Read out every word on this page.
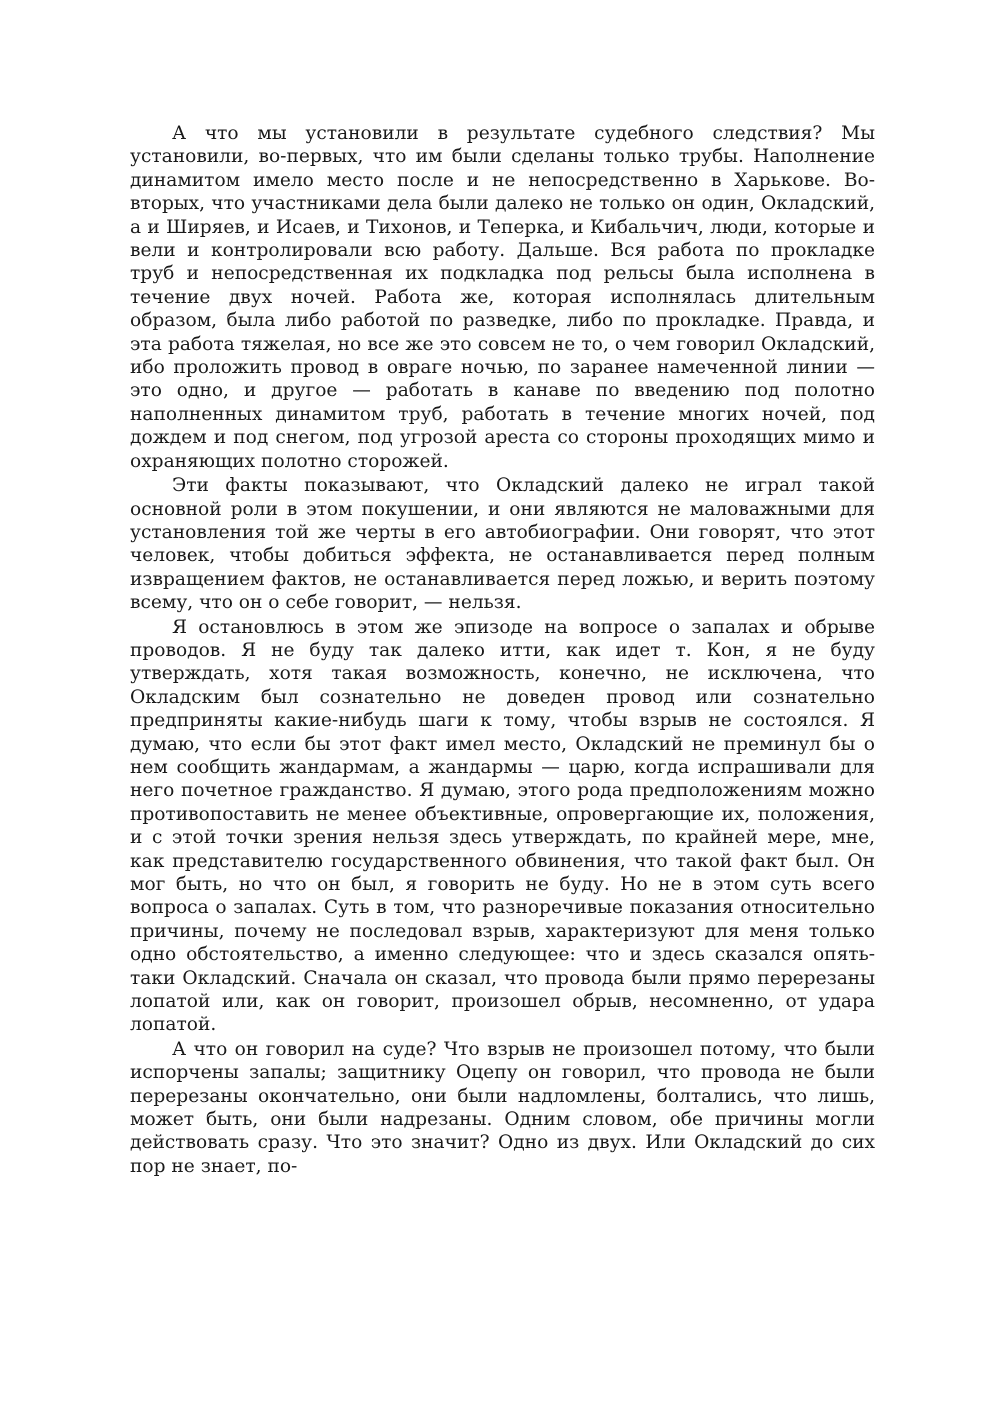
А что мы установили в результате судебного следствия? Мы установили, во-первых, что им были сделаны только трубы. Наполнение динамитом имело место после и не непосредственно в Харькове. Во-вторых, что участниками дела были далеко не только он один, Окладский, а и Ширяев, и Исаев, и Тихонов, и Теперка, и Кибальчич, люди, которые и вели и контролировали всю работу. Дальше. Вся работа по прокладке труб и непосредственная их подкладка под рельсы была исполнена в течение двух ночей. Работа же, которая исполнялась длительным образом, была либо работой по разведке, либо по прокладке. Правда, и эта работа тяжелая, но все же это совсем не то, о чем говорил Окладский, ибо проложить провод в овраге ночью, по заранее намеченной линии — это одно, и другое — работать в канаве по введению под полотно наполненных динамитом труб, работать в течение многих ночей, под дождем и под снегом, под угрозой ареста со стороны проходящих мимо и охраняющих полотно сторожей.

Эти факты показывают, что Окладский далеко не играл такой основной роли в этом покушении, и они являются не маловажными для установления той же черты в его автобиографии. Они говорят, что этот человек, чтобы добиться эффекта, не останавливается перед полным извращением фактов, не останавливается перед ложью, и верить поэтому всему, что он о себе говорит, — нельзя.

Я остановлюсь в этом же эпизоде на вопросе о запалах и обрыве проводов. Я не буду так далеко итти, как идет т. Кон, я не буду утверждать, хотя такая возможность, конечно, не исключена, что Окладским был сознательно не доведен провод или сознательно предприняты какие-нибудь шаги к тому, чтобы взрыв не состоялся. Я думаю, что если бы этот факт имел место, Окладский не преминул бы о нем сообщить жандармам, а жандармы — царю, когда испрашивали для него почетное гражданство. Я думаю, этого рода предположениям можно противопоставить не менее объективные, опровергающие их, положения, и с этой точки зрения нельзя здесь утверждать, по крайней мере, мне, как представителю государственного обвинения, что такой факт был. Он мог быть, но что он был, я говорить не буду. Но не в этом суть всего вопроса о запалах. Суть в том, что разноречивые показания относительно причины, почему не последовал взрыв, характеризуют для меня только одно обстоятельство, а именно следующее: что и здесь сказался опять-таки Окладский. Сначала он сказал, что провода были прямо перерезаны лопатой или, как он говорит, произошел обрыв, несомненно, от удара лопатой.

А что он говорил на суде? Что взрыв не произошел потому, что были испорчены запалы; защитнику Оцепу он говорил, что провода не были перерезаны окончательно, они были надломлены, болтались, что лишь, может быть, они были надрезаны. Одним словом, обе причины могли действовать сразу. Что это значит? Одно из двух. Или Окладский до сих пор не знает, по-
